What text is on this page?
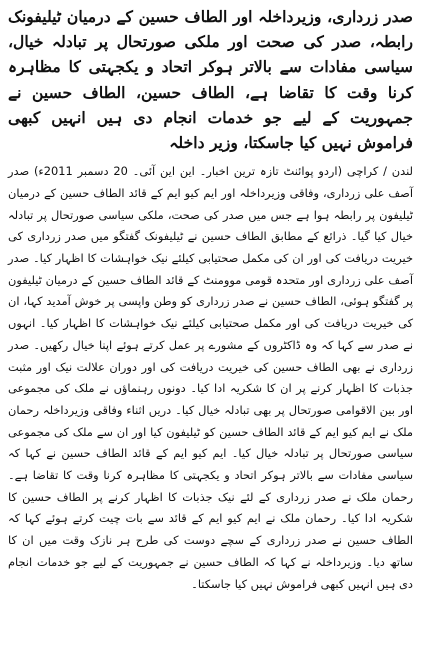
صدر زرداری، وزیرداخلہ اور الطاف حسین کے درمیان ٹیلیفونک رابطہ، صدر کی صحت اور ملکی صورتحال پر تبادلہ خیال، سیاسی مفادات سے بالاتر ہوکر اتحاد و یکجہتی کا مظاہرہ کرنا وقت کا تقاضا ہے، الطاف حسین، الطاف حسین نے جمہوریت کے لیے جو خدمات انجام دی ہیں انہیں کبھی فراموش نہیں کیا جاسکتا، وزیر داخلہ

لندن / کراچی (اردو پوائنٹ تازہ ترین اخبار۔ این این آئی۔ 20 دسمبر 2011ء) صدر آصف علی زرداری، وفاقی وزیرداخلہ اور ایم کیو ایم کے قائد الطاف حسین کے درمیان ٹیلیفون پر رابطہ ہوا ہے جس میں صدر کی صحت، ملکی سیاسی صورتحال پر تبادلہ خیال کیا گیا۔ ذرائع کے مطابق الطاف حسین نے ٹیلیفونک گفتگو میں صدر زرداری کی خیریت دریافت کی اور ان کی مکمل صحتیابی کیلئے نیک خواہشات کا اظہار کیا۔ صدر آصف علی زرداری اور متحدہ قومی موومنٹ کے قائد الطاف حسین کے درمیان ٹیلیفون پر گفتگو ہوئی، الطاف حسین نے صدر زرداری کو وطن واپسی پر خوش آمدید کہا، ان کی خیریت دریافت کی اور مکمل صحتیابی کیلئے نیک خواہشات کا اظہار کیا۔ انہوں نے صدر سے کہا کہ وہ ڈاکٹروں کے مشورے پر عمل کرتے ہوئے اپنا خیال رکھیں۔ صدر زرداری نے بھی الطاف حسین کی خیریت دریافت کی اور دوران علالت نیک اور مثبت جذبات کا اظہار کرنے پر ان کا شکریہ ادا کیا۔ دونوں رہنماؤں نے ملک کی مجموعی اور بین الاقوامی صورتحال پر بھی تبادلہ خیال کیا۔ دریں اثناء وفاقی وزیرداخلہ رحمان ملک نے ایم کیو ایم کے قائد الطاف حسین کو ٹیلیفون کیا اور ان سے ملک کی مجموعی سیاسی صورتحال پر تبادلہ خیال کیا۔ ایم کیو ایم کے قائد الطاف حسین نے کہا کہ سیاسی مفادات سے بالاتر ہوکر اتحاد و یکجہتی کا مظاہرہ کرنا وقت کا تقاضا ہے۔ رحمان ملک نے صدر زرداری کے لئے نیک جذبات کا اظہار کرنے پر الطاف حسین کا شکریہ ادا کیا۔ رحمان ملک نے ایم کیو ایم کے قائد سے بات چیت کرتے ہوئے کہا کہ الطاف حسین نے صدر زرداری کے سچے دوست کی طرح ہر نازک وقت میں ان کا ساتھ دیا۔ وزیرداخلہ نے کہا کہ الطاف حسین نے جمہوریت کے لیے جو خدمات انجام دی ہیں انہیں کبھی فراموش نہیں کیا جاسکتا۔
